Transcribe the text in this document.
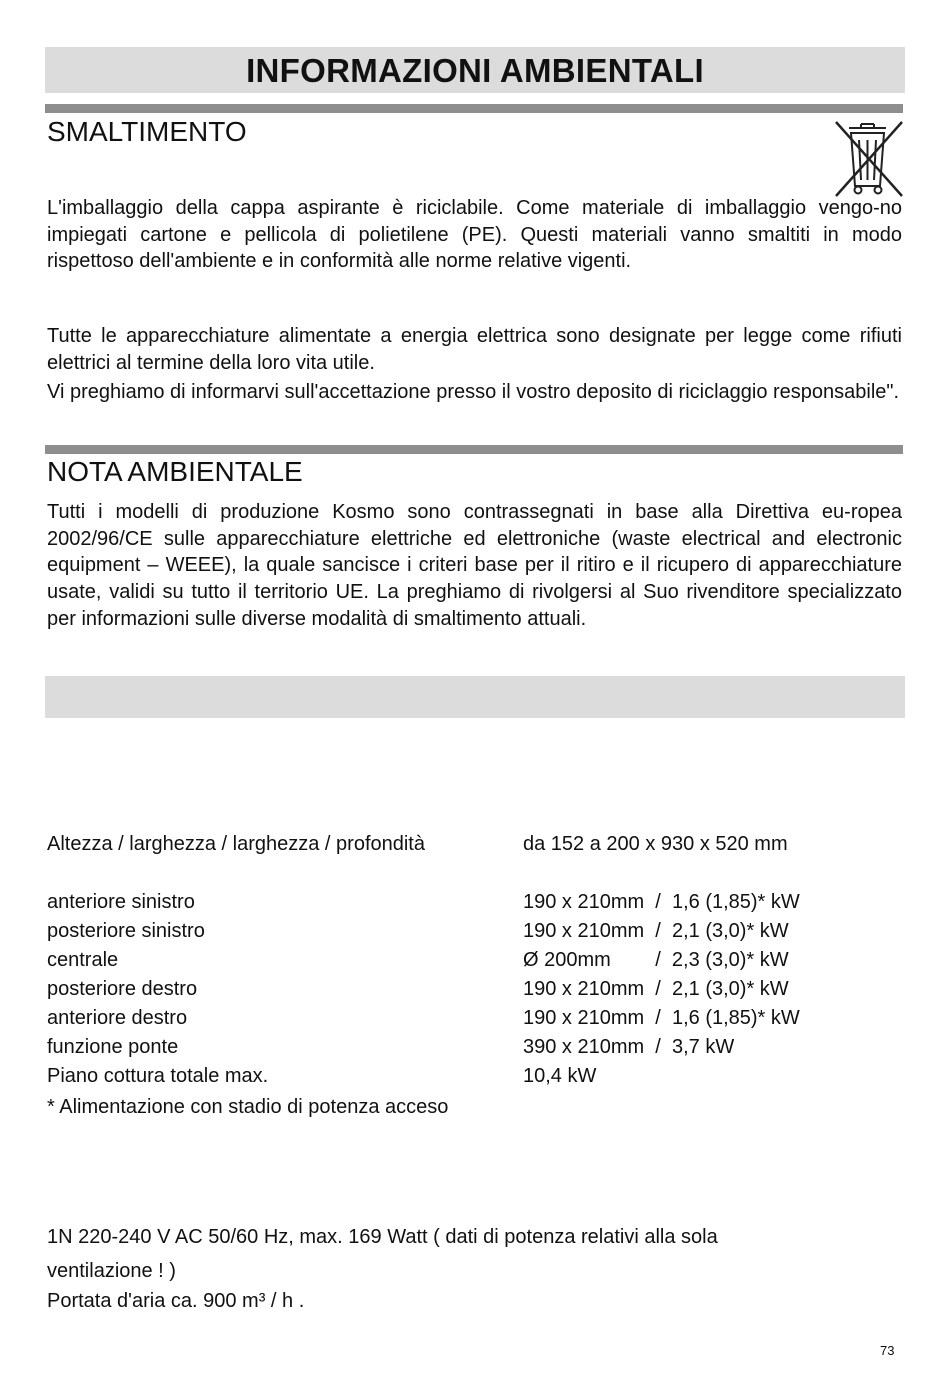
INFORMAZIONI AMBIENTALI
SMALTIMENTO

L'imballaggio della cappa aspirante è riciclabile. Come materiale di imballaggio vengo-no impiegati cartone e pellicola di polietilene (PE). Questi materiali vanno smaltiti in modo rispettoso dell'ambiente e in conformità alle norme relative vigenti.

Tutte le apparecchiature alimentate a energia elettrica sono designate per legge come rifiuti elettrici al termine della loro vita utile.

Vi preghiamo di informarvi sull'accettazione presso il vostro deposito di riciclaggio responsabile".

NOTA AMBIENTALE

Tutti i modelli di produzione Kosmo sono contrassegnati in base alla Direttiva eu-ropea 2002/96/CE sulle apparecchiature elettriche ed elettroniche (waste electrical and electronic equipment – WEEE), la quale sancisce i criteri base per il ritiro e il ricupero di apparecchiature usate, validi su tutto il territorio UE. La preghiamo di rivolgersi al Suo rivenditore specializzato per informazioni sulle diverse modalità di smaltimento attuali.

Altezza / larghezza / larghezza / profondità	da 152 a 200 x 930 x 520 mm
anteriore sinistro	190 x 210mm  /  1,6 (1,85)* kW
posteriore sinistro	190 x 210mm  /  2,1 (3,0)* kW
centrale	Ø 200mm        /  2,3 (3,0)* kW
posteriore destro	190 x 210mm  /  2,1 (3,0)* kW
anteriore destro	190 x 210mm  /  1,6 (1,85)* kW
funzione ponte	390 x 210mm  /  3,7 kW
Piano cottura totale max.	10,4 kW
* Alimentazione con stadio di potenza acceso
1N 220-240 V AC 50/60 Hz, max. 169 Watt ( dati di potenza relativi alla sola
ventilazione ! )
Portata d'aria ca. 900 m³ / h .
73
